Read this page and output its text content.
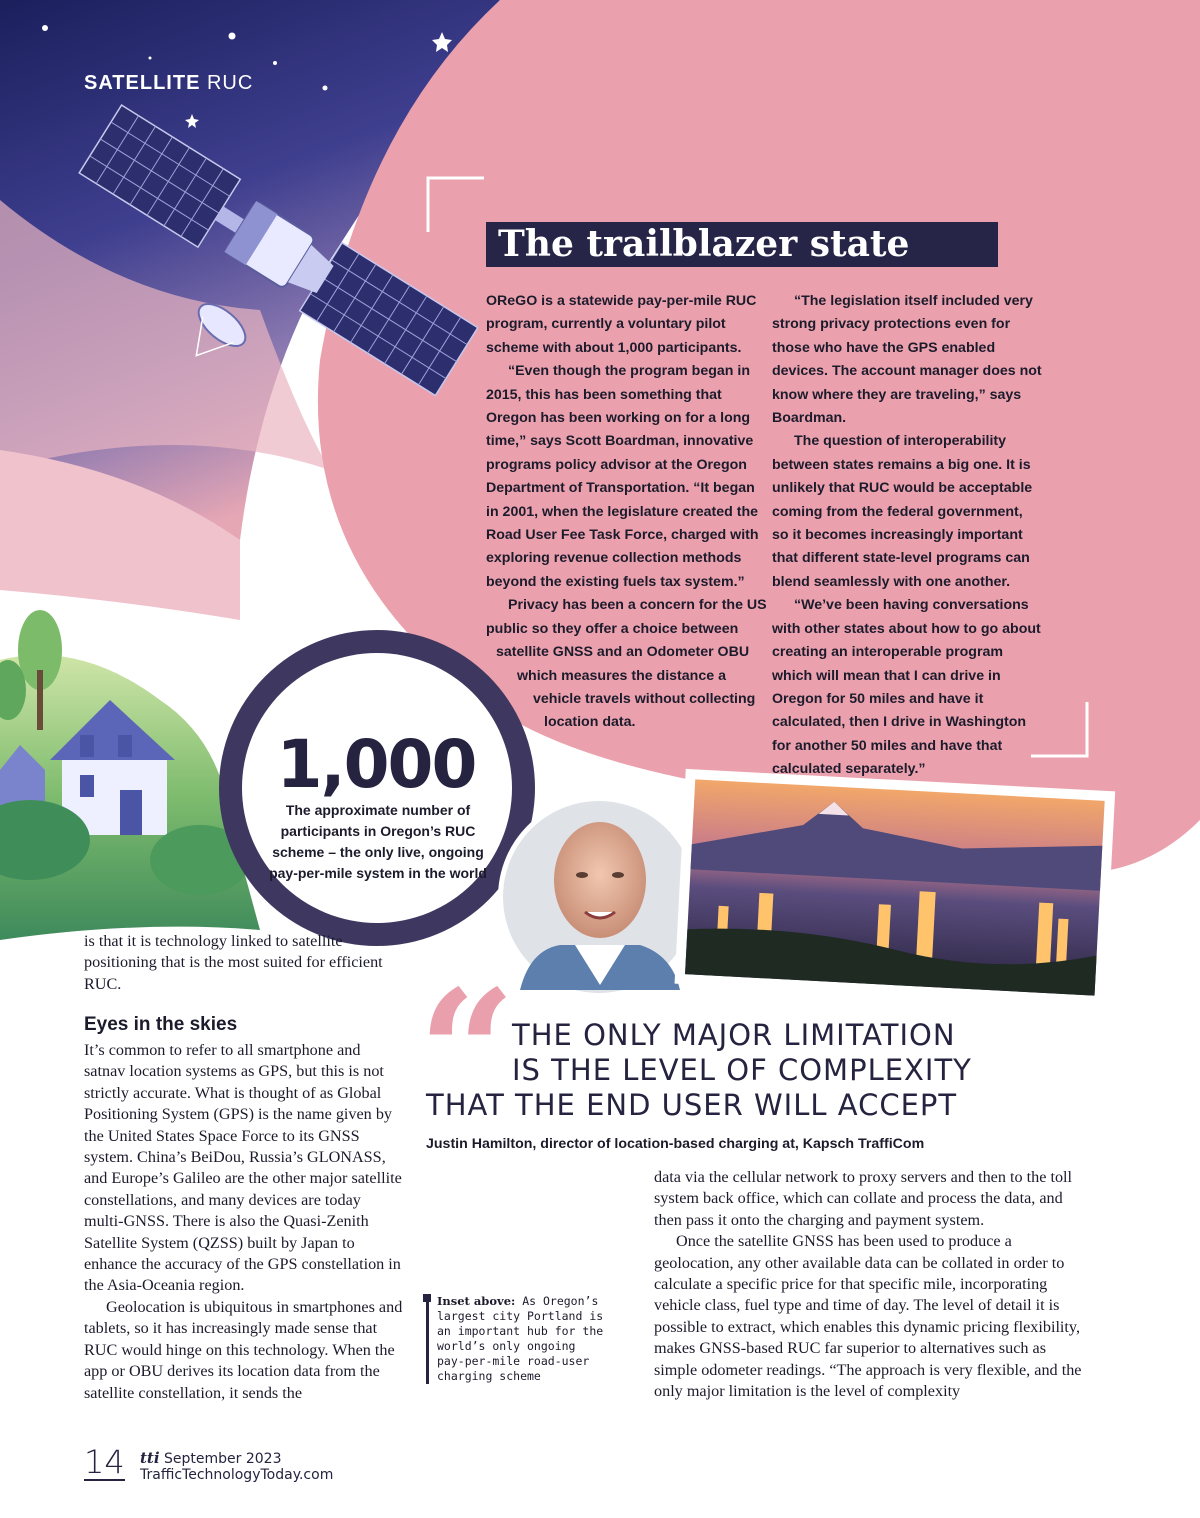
SATELLITE RUC
The trailblazer state

OReGO is a statewide pay-per-mile RUC
program, currently a voluntary pilot
scheme with about 1,000 participants.

“Even though the program began in
2015, this has been something that
Oregon has been working on for a long
time,” says Scott Boardman, innovative
programs policy advisor at the Oregon
Department of Transportation. “It began
in 2001, when the legislature created the
Road User Fee Task Force, charged with
exploring revenue collection methods
beyond the existing fuels tax system.”

Privacy has been a concern for the US
public so they offer a choice between
satellite GNSS and an Odometer OBU
which measures the distance a
vehicle travels without collecting
location data.

“The legislation itself included very strong privacy protections even for those who have the GPS enabled devices. The account manager does not know where they are traveling,” says Boardman.

The question of interoperability between states remains a big one. It is unlikely that RUC would be acceptable coming from the federal government, so it becomes increasingly important that different state-level programs can blend seamlessly with one another.

“We’ve been having conversations with other states about how to go about creating an interoperable program which will mean that I can drive in Oregon for 50 miles and have it calculated, then I drive in Washington for another 50 miles and have that calculated separately.”

1,000
The approximate number of participants in Oregon’s RUC scheme – the only live, ongoing pay-per-mile system in the world
is that it is technology linked to satellite positioning that is the most suited for efficient RUC.
Eyes in the skies

It’s common to refer to all smartphone and satnav location systems as GPS, but this is not strictly accurate. What is thought of as Global Positioning System (GPS) is the name given by the United States Space Force to its GNSS system. China’s BeiDou, Russia’s GLONASS, and Europe’s Galileo are the other major satellite constellations, and many devices are today multi-GNSS. There is also the Quasi-Zenith Satellite System (QZSS) built by Japan to enhance the accuracy of the GPS constellation in the Asia-Oceania region.

Geolocation is ubiquitous in smartphones and tablets, so it has increasingly made sense that RUC would hinge on this technology. When the app or OBU derives its location data from the satellite constellation, it sends the

“
THE ONLY MAJOR LIMITATION
IS THE LEVEL OF COMPLEXITY
THAT THE END USER WILL ACCEPT
Justin Hamilton, director of location-based charging at, Kapsch TraffiCom
Inset above: As Oregon’s largest city Portland is an important hub for the world’s only ongoing pay-per-mile road-user charging scheme

data via the cellular network to proxy servers and then to the toll system back office, which can collate and process the data, and then pass it onto the charging and payment system.

Once the satellite GNSS has been used to produce a geolocation, any other available data can be collated in order to calculate a specific price for that specific mile, incorporating vehicle class, fuel type and time of day. The level of detail it is possible to extract, which enables this dynamic pricing flexibility, makes GNSS-based RUC far superior to alternatives such as simple odometer readings. “The approach is very flexible, and the only major limitation is the level of complexity

14 tti September 2023
TrafficTechnologyToday.com
